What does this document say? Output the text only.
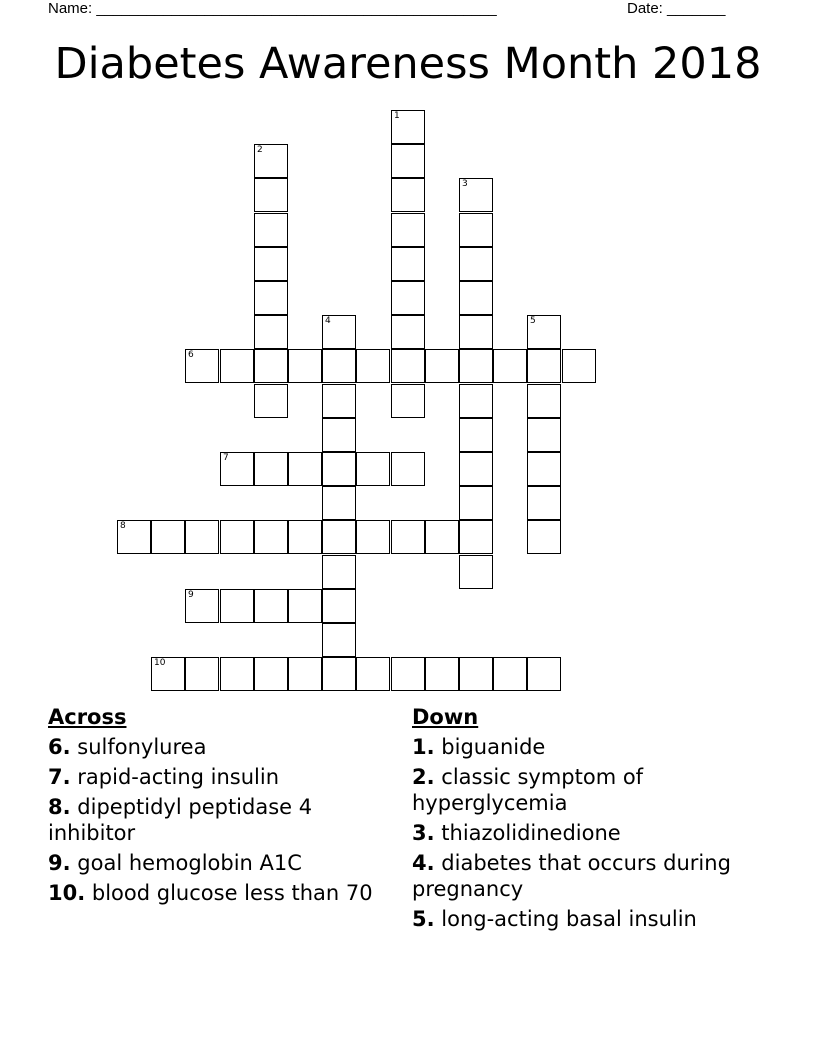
Name: ________________________________________________	Date: _______
Diabetes Awareness Month 2018
6
7
8
9
10
1
2
3
4	5
Across
6. sulfonylurea
7. rapid-acting insulin
8. dipeptidyl peptidase 4 inhibitor
9. goal hemoglobin A1C
10. blood glucose less than 70
Down
1. biguanide
2. classic symptom of hyperglycemia
3. thiazolidinedione
4. diabetes that occurs during pregnancy
5. long-acting basal insulin
